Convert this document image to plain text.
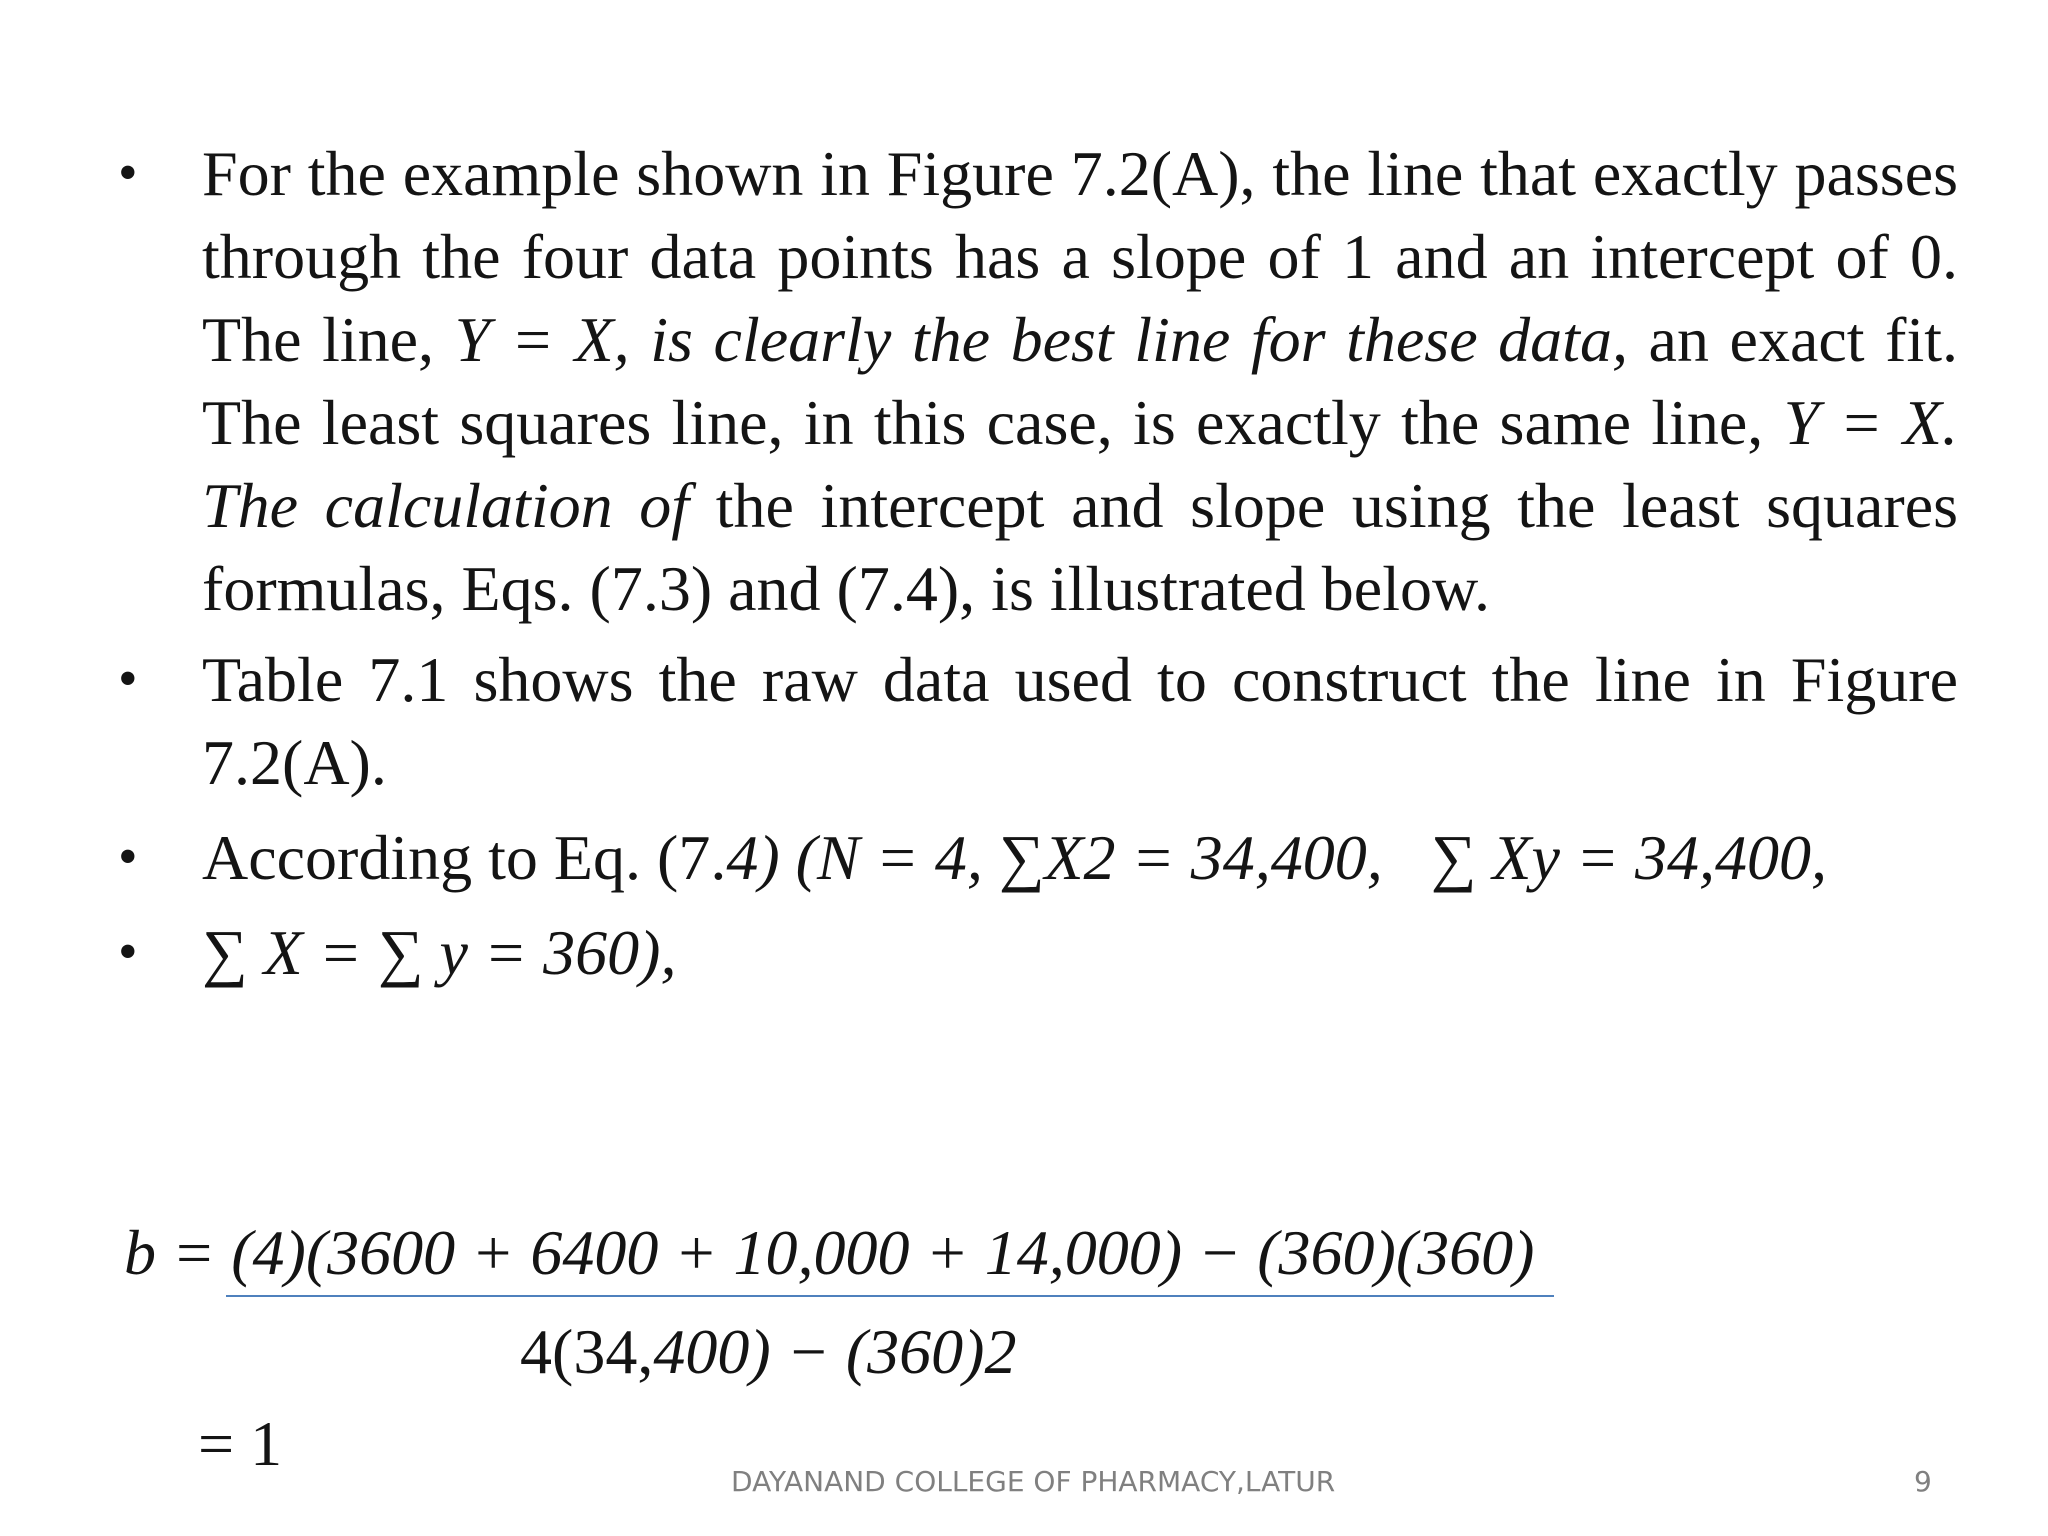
• For the example shown in Figure 7.2(A), the line that exactly passes through the four data points has a slope of 1 and an intercept of 0. The line, Y = X, is clearly the best line for these data, an exact fit. The least squares line, in this case, is exactly the same line, Y = X. The calculation of the intercept and slope using the least squares formulas, Eqs. (7.3) and (7.4), is illustrated below.
• Table 7.1 shows the raw data used to construct the line in Figure 7.2(A).
• According to Eq. (7.4) (N = 4, ∑X2 = 34,400,   ∑ Xy = 34,400,
• ∑ X = ∑ y = 360),
b = (4)(3600 + 6400 + 10,000 + 14,000) − (360)(360)
4(34,400) − (360)2
= 1
DAYANAND COLLEGE OF PHARMACY,LATUR	9
